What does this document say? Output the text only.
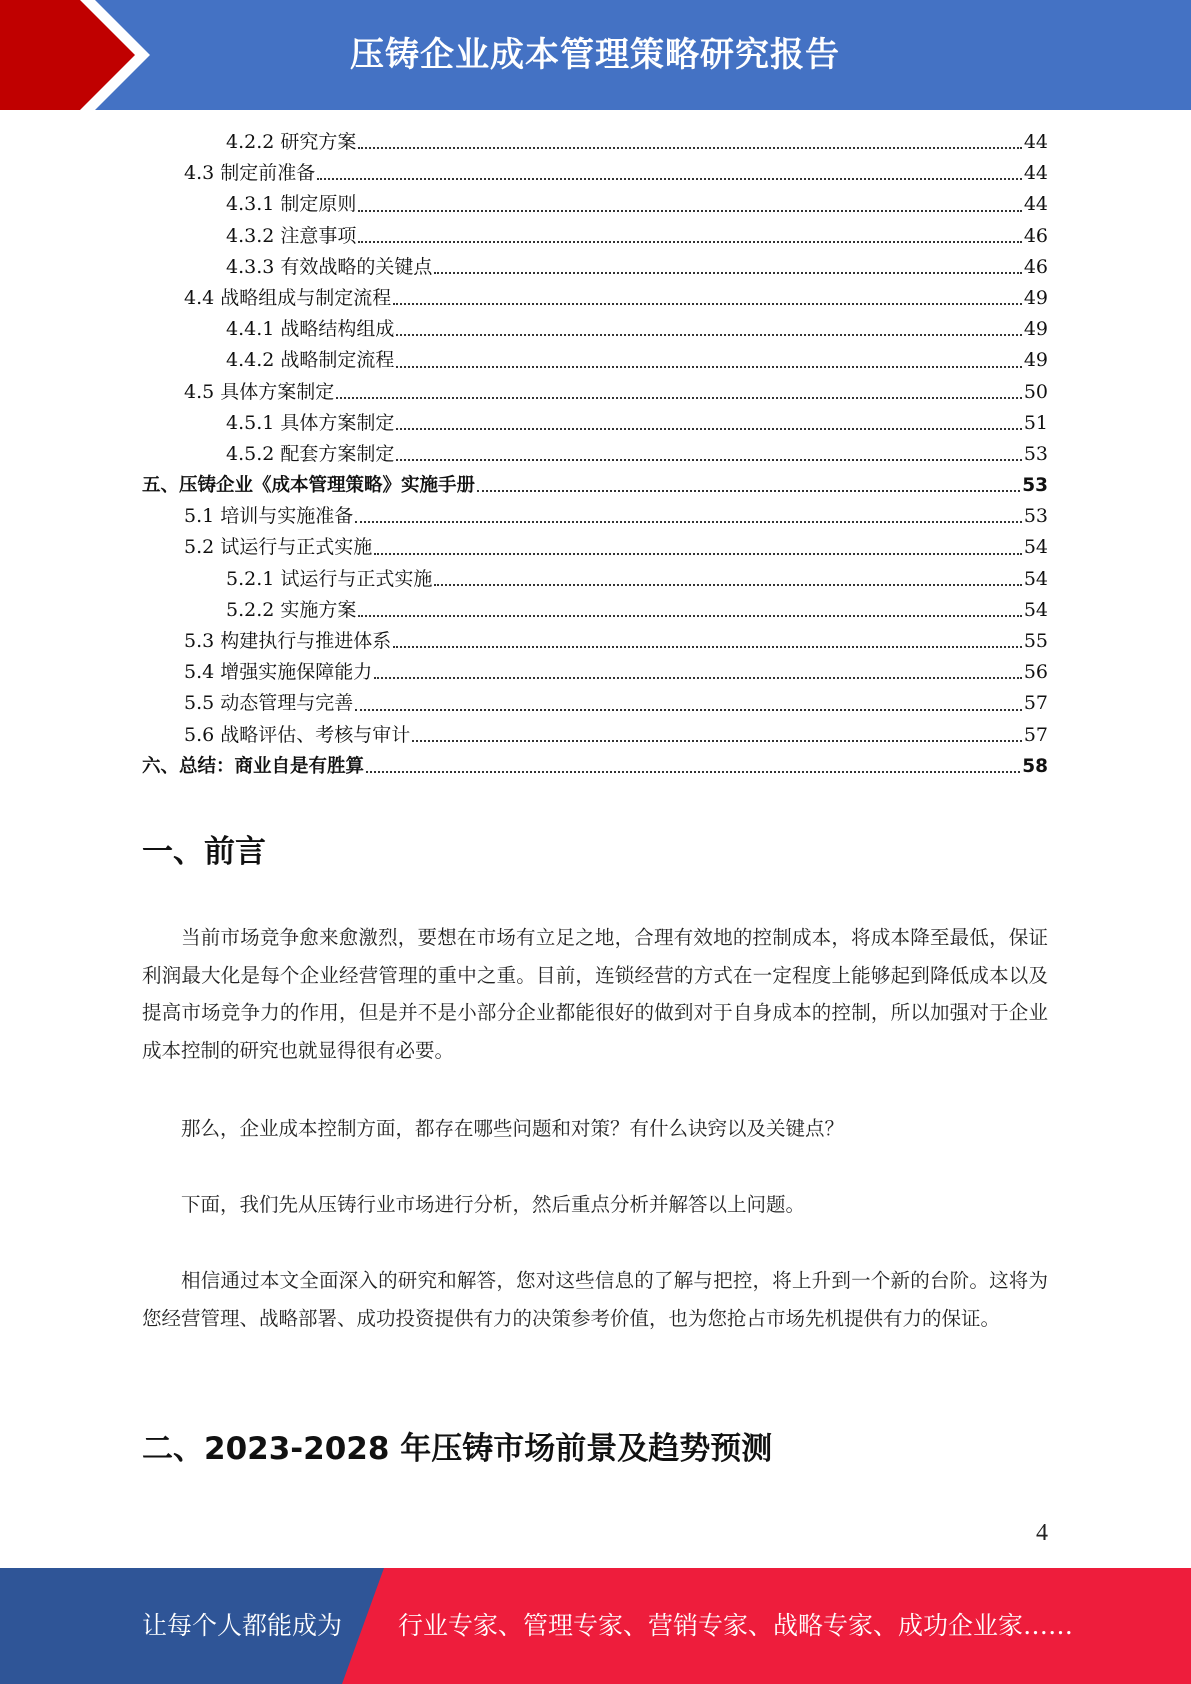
压铸企业成本管理策略研究报告
4.2.2 研究方案	44
4.3 制定前准备	44
4.3.1 制定原则	44
4.3.2 注意事项	46
4.3.3 有效战略的关键点	46
4.4 战略组成与制定流程	49
4.4.1 战略结构组成	49
4.4.2 战略制定流程	49
4.5 具体方案制定	50
4.5.1 具体方案制定	51
4.5.2 配套方案制定	53
五、压铸企业《成本管理策略》实施手册	53
5.1 培训与实施准备	53
5.2 试运行与正式实施	54
5.2.1 试运行与正式实施	54
5.2.2 实施方案	54
5.3 构建执行与推进体系	55
5.4 增强实施保障能力	56
5.5 动态管理与完善	57
5.6 战略评估、考核与审计	57
六、总结：商业自是有胜算	58
一、前言
当前市场竞争愈来愈激烈，要想在市场有立足之地，合理有效地的控制成本，将成本降至最低，保证利润最大化是每个企业经营管理的重中之重。目前，连锁经营的方式在一定程度上能够起到降低成本以及提高市场竞争力的作用，但是并不是小部分企业都能很好的做到对于自身成本的控制，所以加强对于企业成本控制的研究也就显得很有必要。
那么，企业成本控制方面，都存在哪些问题和对策？有什么诀窍以及关键点？
下面，我们先从压铸行业市场进行分析，然后重点分析并解答以上问题。
相信通过本文全面深入的研究和解答，您对这些信息的了解与把控，将上升到一个新的台阶。这将为您经营管理、战略部署、成功投资提供有力的决策参考价值，也为您抢占市场先机提供有力的保证。
二、2023-2028 年压铸市场前景及趋势预测
4
让每个人都能成为 行业专家、管理专家、营销专家、战略专家、成功企业家……
